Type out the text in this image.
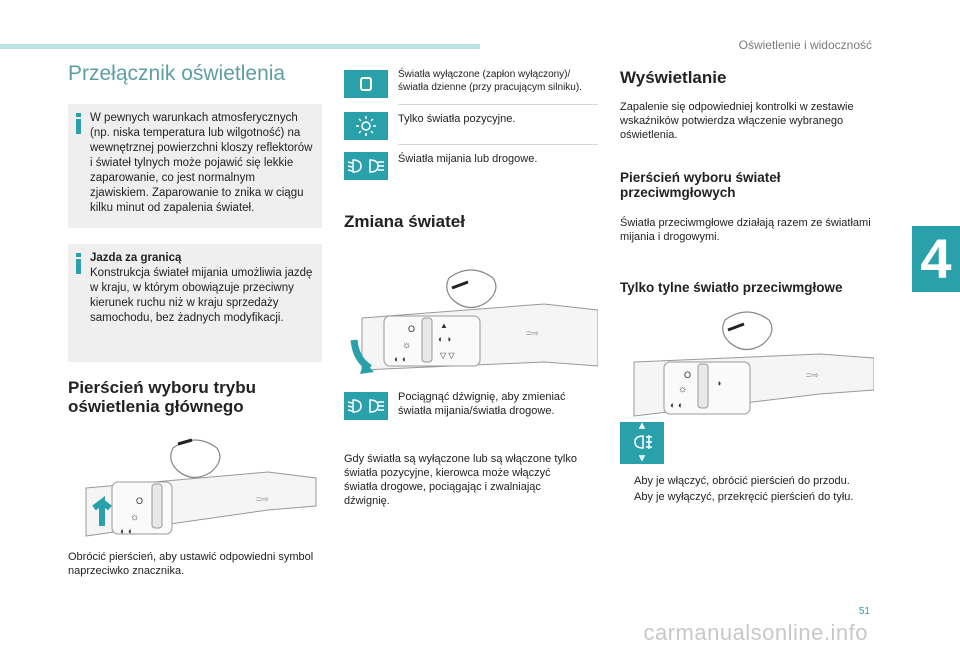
Oświetlenie i widoczność
4
Przełącznik oświetlenia
W pewnych warunkach atmosferycznych (np. niska temperatura lub wilgotność) na wewnętrznej powierzchni kloszy reflektorów i świateł tylnych może pojawić się lekkie zaparowanie, co jest normalnym zjawiskiem. Zaparowanie to znika w ciągu kilku minut od zapalenia świateł.
Jazda za granicą
Konstrukcja świateł mijania umożliwia jazdę w kraju, w którym obowiązuje przeciwny kierunek ruchu niż w kraju sprzedaży samochodu, bez żadnych modyfikacji.
Pierścień wyboru trybu oświetlenia głównego
O
☼
◐ ◐
=⇨
Obrócić pierścień, aby ustawić odpowiedni symbol naprzeciwko znacznika.
Światła wyłączone (zapłon wyłączony)/ światła dzienne (przy pracującym silniku).
Tylko światła pozycyjne.
Światła mijania lub drogowe.
Zmiana świateł
O
☼
◐ ◐
▲
◐ ◑
▽ ▽
=⇨
Pociągnąć dźwignię, aby zmieniać światła mijania/światła drogowe.
Gdy światła są wyłączone lub są włączone tylko światła pozycyjne, kierowca może włączyć światła drogowe, pociągając i zwalniając dźwignię.
Wyświetlanie
Zapalenie się odpowiedniej kontrolki w zestawie wskaźników potwierdza włączenie wybranego oświetlenia.
Pierścień wyboru świateł przeciwmgłowych
Światła przeciwmgłowe działają razem ze światłami mijania i drogowymi.
Tylko tylne światło przeciwmgłowe
O
☼
◐ ◐
◑
=⇨
Aby je włączyć, obrócić pierścień do przodu.
Aby je wyłączyć, przekręcić pierścień do tyłu.
51
carmanualsonline.info
